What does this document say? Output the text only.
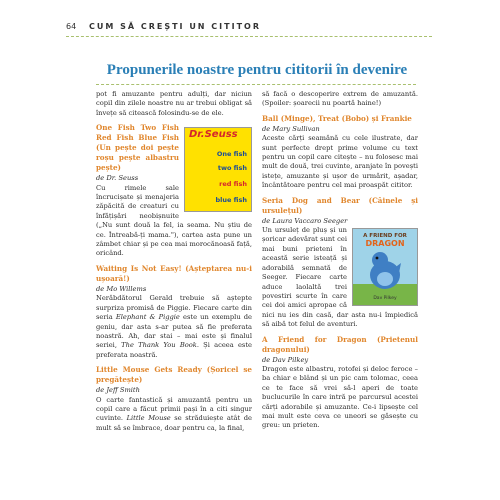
64 CUM SĂ CREȘTI UN CITITOR
Propunerile noastre pentru cititorii în devenire

pot fi amuzante pentru adulți, dar niciun copil din zilele noastre nu ar trebui obligat să învețe să citească folosindu-se de ele.

Dr.Seuss
One fish
two fish
red fish
blue fish

One Fish Two Fish Red Fish Blue Fish (Un pește doi pește roșu pește albastru pește)

de Dr. Seuss

Cu rimele sale încrucișate și menajeria zăpăcită de creaturi cu înfățișări neobișnuite („Nu sunt două la fel, ia seama. Nu știu de ce. Întreabă-ți mama."), cartea asta pune un zâmbet chiar și pe cea mai morocănoasă față, oricând.

Waiting Is Not Easy! (Așteptarea nu-i ușoară!)

de Mo Willems

Nerăbdătorul Gerald trebuie să aștepte surpriza promisă de Piggie. Fiecare carte din seria Elephant & Piggie este un exemplu de geniu, dar asta s-ar putea să fie preferata noastră. Ah, dar stai – mai este și finalul seriei, The Thank You Book. Și aceea este preferata noastră.

Little Mouse Gets Ready (Șoricel se pregătește)

de Jeff Smith

O carte fantastică și amuzantă pentru un copil care a făcut primii pași în a citi singur cuvinte. Little Mouse se străduiește atât de mult să se îmbrace, doar pentru ca, la final,

să facă o descoperire extrem de amuzantă. (Spoiler: șoarecii nu poartă haine!)

Ball (Minge), Treat (Bobo) și Frankie

de Mary Sullivan

Aceste cărți seamănă cu cele ilustrate, dar sunt perfecte drept prime volume cu text pentru un copil care citește – nu folosesc mai mult de două, trei cuvinte, aranjate în povești istețe, amuzante și ușor de urmărit, așadar, încântătoare pentru cel mai proaspăt cititor.

Seria Dog and Bear (Câinele și ursulețul)

de Laura Vaccaro Seeger

A FRIEND FOR
DRAGON
Dav Pilkey

Un ursuleț de pluș și un șoricar adevărat sunt cei mai buni prieteni în această serie isteață și adorabilă semnată de Seeger. Fiecare carte aduce laolaltă trei povestiri scurte în care cei doi amici apropae că nici nu ies din casă, dar asta nu-i împiedică să aibă tot felul de aventuri.

A Friend for Dragon (Prietenul dragonului)

de Dav Pilkey

Dragon este albastru, rotofei și deloc feroce – ba chiar e blând și un pic cam tolomac, ceea ce te face să vrei să-l aperi de toate bucluсurile în care intră pe parcursul acestei cărți adorabile și amuzante. Ce-i lipsește cel mai mult este ceva ce uneori se găsește cu greu: un prieten.
